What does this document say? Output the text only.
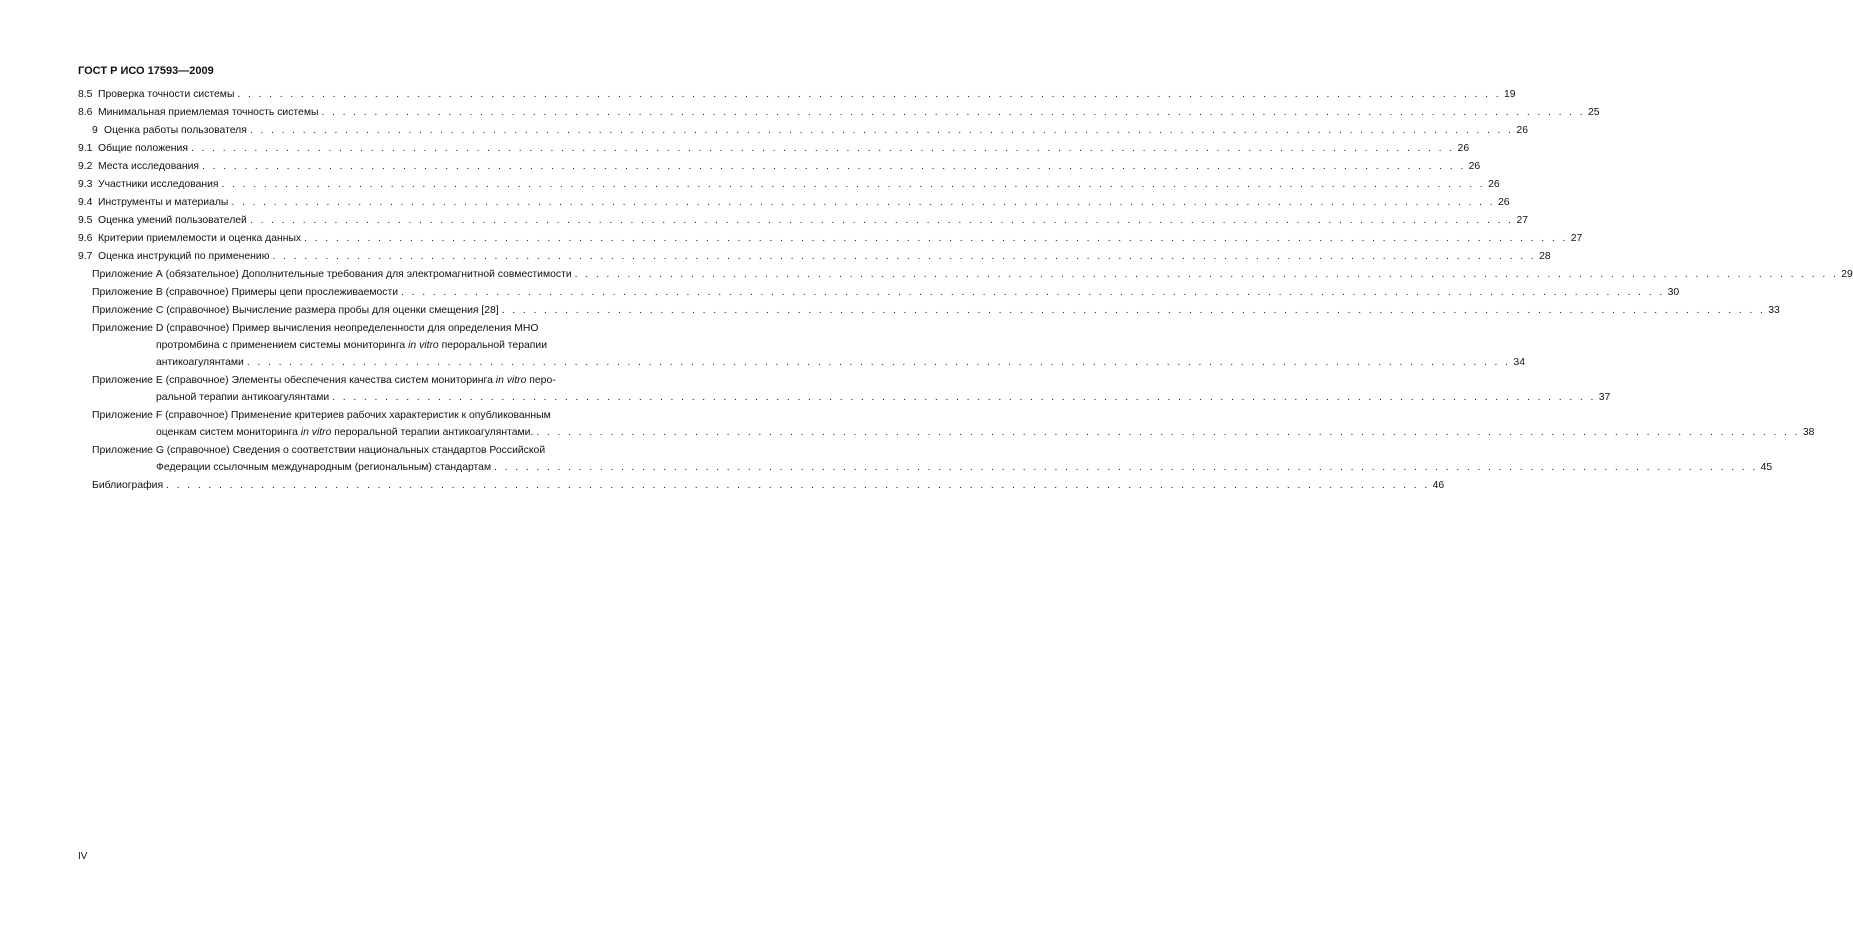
ГОСТ Р ИСО 17593—2009
8.5 Проверка точности системы . . . . . . . . . . . . . . . . . . . . . . . . . . . . . . . . . . . . . . . . . . . . . . . . . . . . . . . . . . . . . . . . . . . . . . . . . . . . . . . . . . . . . . . . . . . . . . . . . . . . . . . . . . . . . . . . . . . . . . . . 19
8.6 Минимальная приемлемая точность системы . . . . . . . . . . . . . . . . . . . . . . . . . . . . . . . . . . . . . . . . . . . . . . . . . . . . . . . . . . . . . . . . . . . . . . . . . . . . . . . . . . . . . . . . . . . . . . . . . . . . . . . . . . . . . . . . . . . . . . . . 25
9 Оценка работы пользователя . . . . . . . . . . . . . . . . . . . . . . . . . . . . . . . . . . . . . . . . . . . . . . . . . . . . . . . . . . . . . . . . . . . . . . . . . . . . . . . . . . . . . . . . . . . . . . . . . . . . . . . . . . . . . . . . . . . . . . . . 26
9.1 Общие положения . . . . . . . . . . . . . . . . . . . . . . . . . . . . . . . . . . . . . . . . . . . . . . . . . . . . . . . . . . . . . . . . . . . . . . . . . . . . . . . . . . . . . . . . . . . . . . . . . . . . . . . . . . . . . . . . . . . . . . . . 26
9.2 Места исследования . . . . . . . . . . . . . . . . . . . . . . . . . . . . . . . . . . . . . . . . . . . . . . . . . . . . . . . . . . . . . . . . . . . . . . . . . . . . . . . . . . . . . . . . . . . . . . . . . . . . . . . . . . . . . . . . . . . . . . . . 26
9.3 Участники исследования . . . . . . . . . . . . . . . . . . . . . . . . . . . . . . . . . . . . . . . . . . . . . . . . . . . . . . . . . . . . . . . . . . . . . . . . . . . . . . . . . . . . . . . . . . . . . . . . . . . . . . . . . . . . . . . . . . . . . . . . 26
9.4 Инструменты и материалы . . . . . . . . . . . . . . . . . . . . . . . . . . . . . . . . . . . . . . . . . . . . . . . . . . . . . . . . . . . . . . . . . . . . . . . . . . . . . . . . . . . . . . . . . . . . . . . . . . . . . . . . . . . . . . . . . . . . . . . . 26
9.5 Оценка умений пользователей . . . . . . . . . . . . . . . . . . . . . . . . . . . . . . . . . . . . . . . . . . . . . . . . . . . . . . . . . . . . . . . . . . . . . . . . . . . . . . . . . . . . . . . . . . . . . . . . . . . . . . . . . . . . . . . . . . . . . . . . 27
9.6 Критерии приемлемости и оценка данных . . . . . . . . . . . . . . . . . . . . . . . . . . . . . . . . . . . . . . . . . . . . . . . . . . . . . . . . . . . . . . . . . . . . . . . . . . . . . . . . . . . . . . . . . . . . . . . . . . . . . . . . . . . . . . . . . . . . . . . . 27
9.7 Оценка инструкций по применению . . . . . . . . . . . . . . . . . . . . . . . . . . . . . . . . . . . . . . . . . . . . . . . . . . . . . . . . . . . . . . . . . . . . . . . . . . . . . . . . . . . . . . . . . . . . . . . . . . . . . . . . . . . . . . . . . . . . . . . . 28
Приложение А (обязательное) Дополнительные требования для электромагнитной совместимости . . . . . . . . . . . . . . . . . . . . . . . . . . . . . . . . . . . . . . . . . . . . . . . . . . . . . . . . . . . . . . . . . . . . . . . . . . . . . . . . . . . . . . . . . . . . . . . . . . . . . . . . . . . . . . . . . . . . . . . . 29
Приложение В (справочное) Примеры цепи прослеживаемости . . . . . . . . . . . . . . . . . . . . . . . . . . . . . . . . . . . . . . . . . . . . . . . . . . . . . . . . . . . . . . . . . . . . . . . . . . . . . . . . . . . . . . . . . . . . . . . . . . . . . . . . . . . . . . . . . . . . . . . . 30
Приложение С (справочное) Вычисление размера пробы для оценки смещения [28] . . . . . . . . . . . . . . . . . . . . . . . . . . . . . . . . . . . . . . . . . . . . . . . . . . . . . . . . . . . . . . . . . . . . . . . . . . . . . . . . . . . . . . . . . . . . . . . . . . . . . . . . . . . . . . . . . . . . . . . . 33
Приложение D (справочное) Пример вычисления неопределенности для определения МНО
протромбина с применением системы мониторинга in vitro пероральной терапии
антикоагулянтами . . . . . . . . . . . . . . . . . . . . . . . . . . . . . . . . . . . . . . . . . . . . . . . . . . . . . . . . . . . . . . . . . . . . . . . . . . . . . . . . . . . . . . . . . . . . . . . . . . . . . . . . . . . . . . . . . . . . . . . . 34
Приложение Е (справочное) Элементы обеспечения качества систем мониторинга in vitro перо-
ральной терапии антикоагулянтами . . . . . . . . . . . . . . . . . . . . . . . . . . . . . . . . . . . . . . . . . . . . . . . . . . . . . . . . . . . . . . . . . . . . . . . . . . . . . . . . . . . . . . . . . . . . . . . . . . . . . . . . . . . . . . . . . . . . . . . . 37
Приложение F (справочное) Применение критериев рабочих характеристик к опубликованным
оценкам систем мониторинга in vitro пероральной терапии антикоагулянтами. . . . . . . . . . . . . . . . . . . . . . . . . . . . . . . . . . . . . . . . . . . . . . . . . . . . . . . . . . . . . . . . . . . . . . . . . . . . . . . . . . . . . . . . . . . . . . . . . . . . . . . . . . . . . . . . . . . . . . . . . 38
Приложение G (справочное) Сведения о соответствии национальных стандартов Российской
Федерации ссылочным международным (региональным) стандартам . . . . . . . . . . . . . . . . . . . . . . . . . . . . . . . . . . . . . . . . . . . . . . . . . . . . . . . . . . . . . . . . . . . . . . . . . . . . . . . . . . . . . . . . . . . . . . . . . . . . . . . . . . . . . . . . . . . . . . . . 45
Библиография . . . . . . . . . . . . . . . . . . . . . . . . . . . . . . . . . . . . . . . . . . . . . . . . . . . . . . . . . . . . . . . . . . . . . . . . . . . . . . . . . . . . . . . . . . . . . . . . . . . . . . . . . . . . . . . . . . . . . . . . 46
IV
